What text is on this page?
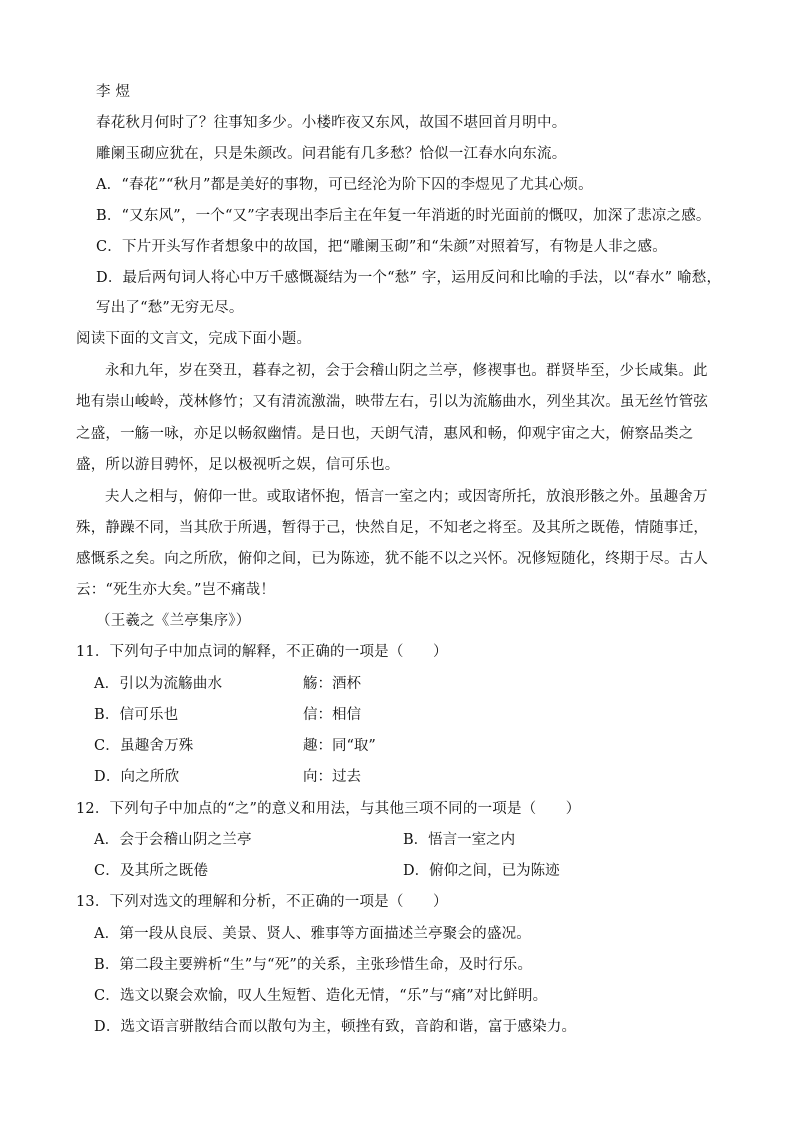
李 煜
春花秋月何时了？往事知多少。小楼昨夜又东风，故国不堪回首月明中。
雕阑玉砌应犹在，只是朱颜改。问君能有几多愁？恰似一江春水向东流。
A．“春花”“秋月”都是美好的事物，可已经沦为阶下囚的李煜见了尤其心烦。
B．“又东风”，一个“又”字表现出李后主在年复一年消逝的时光面前的慨叹，加深了悲凉之感。
C．下片开头写作者想象中的故国，把“雕阑玉砌”和“朱颜”对照着写，有物是人非之感。
D．最后两句词人将心中万千感慨凝结为一个“愁” 字，运用反问和比喻的手法，以“春水” 喻愁，
写出了“愁”无穷无尽。
阅读下面的文言文，完成下面小题。
永和九年，岁在癸丑，暮春之初，会于会稽山阴之兰亭，修禊事也。群贤毕至，少长咸集。此
地有崇山峻岭，茂林修竹；又有清流激湍，映带左右，引以为流觞曲水，列坐其次。虽无丝竹管弦
之盛，一觞一咏，亦足以畅叙幽情。是日也，天朗气清，惠风和畅，仰观宇宙之大，俯察品类之
盛，所以游目骋怀，足以极视听之娱，信可乐也。
夫人之相与，俯仰一世。或取诸怀抱，悟言一室之内；或因寄所托，放浪形骸之外。虽趣舍万
殊，静躁不同，当其欣于所遇，暂得于己，快然自足，不知老之将至。及其所之既倦，情随事迁，
感慨系之矣。向之所欣，俯仰之间，已为陈迹，犹不能不以之兴怀。况修短随化，终期于尽。古人
云：“死生亦大矣。”岂不痛哉！
（王羲之《兰亭集序》）
11．下列句子中加点词的解释，不正确的一项是（　　）
A．引以为流觞曲水	觞：酒杯
B．信可乐也	信：相信
C．虽趣舍万殊	趣：同“取”
D．向之所欣	向：过去
12．下列句子中加点的“之”的意义和用法，与其他三项不同的一项是（　　）
A．会于会稽山阴之兰亭	B．悟言一室之内
C．及其所之既倦	D．俯仰之间，已为陈迹
13．下列对选文的理解和分析，不正确的一项是（　　）
A．第一段从良辰、美景、贤人、雅事等方面描述兰亭聚会的盛况。
B．第二段主要辨析“生”与“死”的关系，主张珍惜生命，及时行乐。
C．选文以聚会欢愉，叹人生短暂、造化无情，“乐”与“痛”对比鲜明。
D．选文语言骈散结合而以散句为主，顿挫有致，音韵和谐，富于感染力。
